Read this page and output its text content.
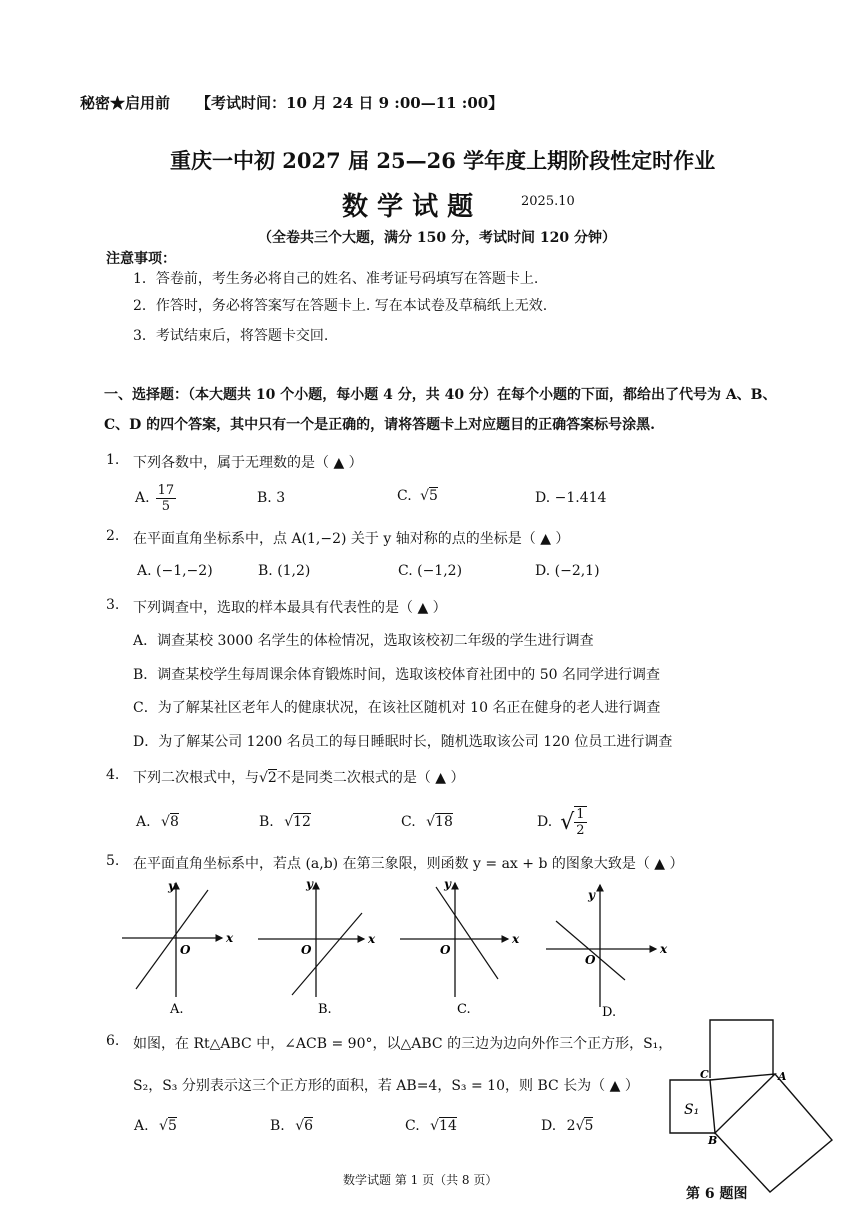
秘密★启用前 【考试时间：10 月 24 日 9 :00—11 :00】
重庆一中初 2027 届 25—26 学年度上期阶段性定时作业
数 学 试 题	2025.10
（全卷共三个大题，满分 150 分，考试时间 120 分钟）
注意事项：
1．答卷前，考生务必将自己的姓名、准考证号码填写在答题卡上.
2．作答时，务必将答案写在答题卡上. 写在本试卷及草稿纸上无效.
3．考试结束后，将答题卡交回.
一、选择题：（本大题共 10 个小题，每小题 4 分，共 40 分）在每个小题的下面，都给出了代号为 A、B、
C、D 的四个答案，其中只有一个是正确的，请将答题卡上对应题目的正确答案标号涂黑.
1. 下列各数中，属于无理数的是（ ▲ ）
A. $\frac{17}{5}$	B. 3	C. √5	D. −1.414
2. 在平面直角坐标系中，点 A(1,−2) 关于 y 轴对称的点的坐标是（ ▲ ）
A. (−1,−2)	B. (1,2)	C. (−1,2)	D. (−2,1)
3. 下列调查中，选取的样本最具有代表性的是（ ▲ ）
A．调查某校 3000 名学生的体检情况，选取该校初二年级的学生进行调查
B．调查某校学生每周课余体育锻炼时间，选取该校体育社团中的 50 名同学进行调查
C．为了解某社区老年人的健康状况，在该社区随机对 10 名正在健身的老人进行调查
D．为了解某公司 1200 名员工的每日睡眠时长，随机选取该公司 120 位员工进行调查
4. 下列二次根式中，与√2不是同类二次根式的是（ ▲ ）
A. √8	B. √12	C. √18	D. √ $\frac{1}{2}$
5. 在平面直角坐标系中，若点 (a,b) 在第三象限，则函数 y = ax + b 的图象大致是（ ▲ ）
y
x
O
A.
y
x
O
B.
y
x
O
C.
y
x
O
D.
6. 如图，在 Rt△ABC 中，∠ACB = 90°，以△ABC 的三边为边向外作三个正方形，S₁，
S₂，S₃ 分别表示这三个正方形的面积，若 AB=4，S₃ = 10，则 BC 长为（ ▲ ）
A. √5	B. √6	C. √14	D. 2√5
C	A
B
S₁
第 6 题图
数学试题 第 1 页（共 8 页）
